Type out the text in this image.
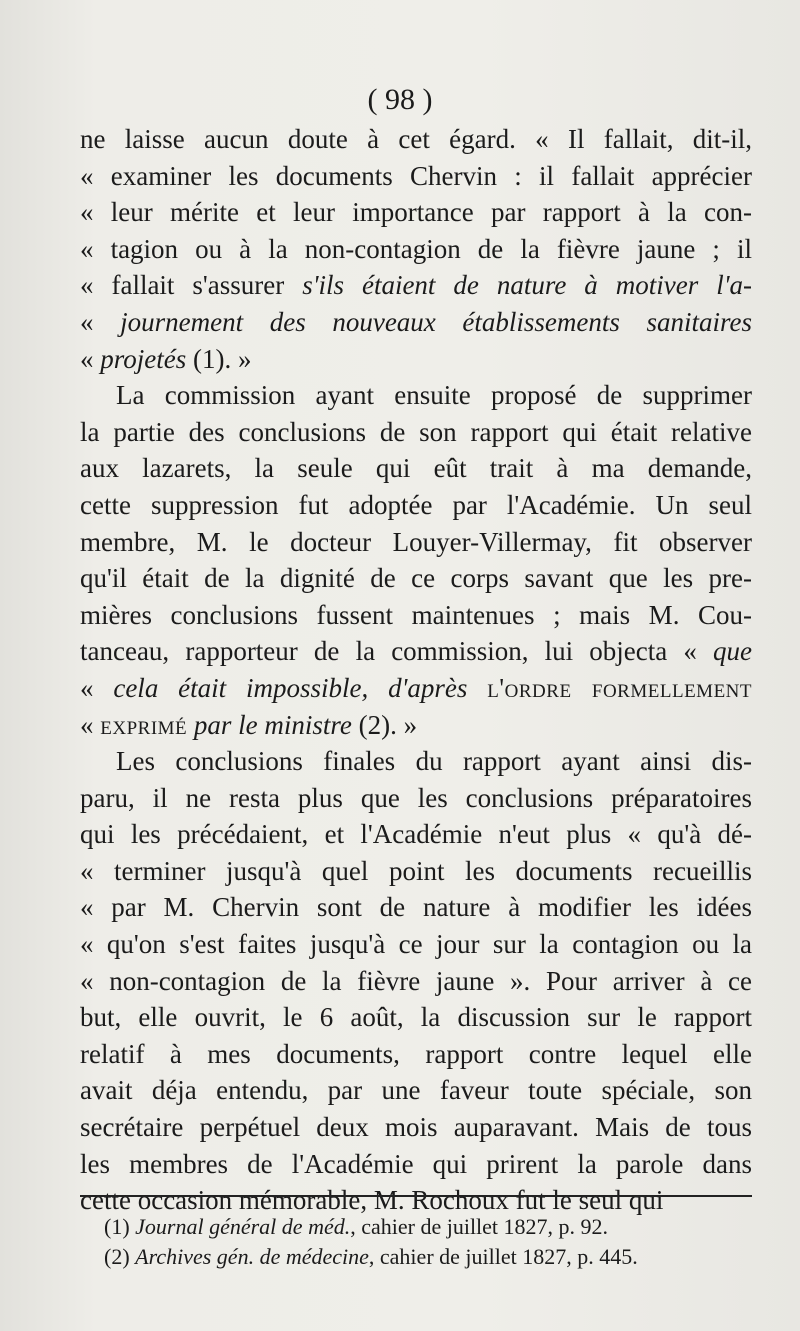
( 98 )
ne laisse aucun doute à cet égard. « Il fallait, dit-il,
« examiner les documents Chervin : il fallait apprécier
« leur mérite et leur importance par rapport à la con-
« tagion ou à la non-contagion de la fièvre jaune ; il
« fallait s'assurer s'ils étaient de nature à motiver l'a-
« journement des nouveaux établissements sanitaires
« projetés (1). »
La commission ayant ensuite proposé de supprimer
la partie des conclusions de son rapport qui était relative
aux lazarets, la seule qui eût trait à ma demande,
cette suppression fut adoptée par l'Académie. Un seul
membre, M. le docteur Louyer-Villermay, fit observer
qu'il était de la dignité de ce corps savant que les pre-
mières conclusions fussent maintenues ; mais M. Cou-
tanceau, rapporteur de la commission, lui objecta « que
« cela était impossible, d'après l'ordre formellement
« exprimé par le ministre (2). »
Les conclusions finales du rapport ayant ainsi dis-
paru, il ne resta plus que les conclusions préparatoires
qui les précédaient, et l'Académie n'eut plus « qu'à dé-
« terminer jusqu'à quel point les documents recueillis
« par M. Chervin sont de nature à modifier les idées
« qu'on s'est faites jusqu'à ce jour sur la contagion ou la
« non-contagion de la fièvre jaune ». Pour arriver à ce
but, elle ouvrit, le 6 août, la discussion sur le rapport
relatif à mes documents, rapport contre lequel elle
avait déja entendu, par une faveur toute spéciale, son
secrétaire perpétuel deux mois auparavant. Mais de tous
les membres de l'Académie qui prirent la parole dans
cette occasion mémorable, M. Rochoux fut le seul qui
(1) Journal général de méd., cahier de juillet 1827, p. 92.
(2) Archives gén. de médecine, cahier de juillet 1827, p. 445.
